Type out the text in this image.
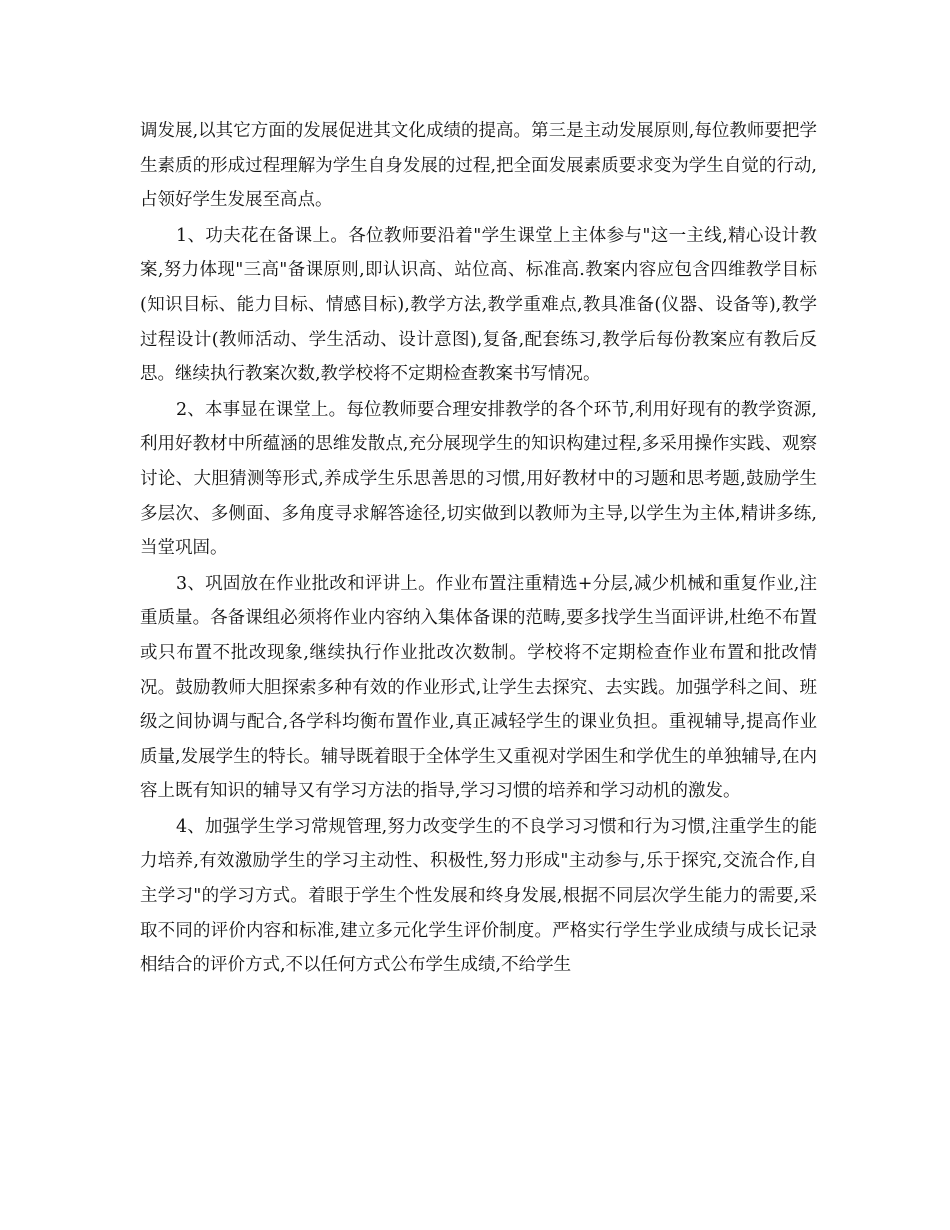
调发展,以其它方面的发展促进其文化成绩的提高。第三是主动发展原则,每位教师要把学生素质的形成过程理解为学生自身发展的过程,把全面发展素质要求变为学生自觉的行动,占领好学生发展至高点。

1、功夫花在备课上。各位教师要沿着"学生课堂上主体参与"这一主线,精心设计教案,努力体现"三高"备课原则,即认识高、站位高、标准高.教案内容应包含四维教学目标(知识目标、能力目标、情感目标),教学方法,教学重难点,教具准备(仪器、设备等),教学过程设计(教师活动、学生活动、设计意图),复备,配套练习,教学后每份教案应有教后反思。继续执行教案次数,教学校将不定期检查教案书写情况。

2、本事显在课堂上。每位教师要合理安排教学的各个环节,利用好现有的教学资源,利用好教材中所蕴涵的思维发散点,充分展现学生的知识构建过程,多采用操作实践、观察讨论、大胆猜测等形式,养成学生乐思善思的习惯,用好教材中的习题和思考题,鼓励学生多层次、多侧面、多角度寻求解答途径,切实做到以教师为主导,以学生为主体,精讲多练,当堂巩固。

3、巩固放在作业批改和评讲上。作业布置注重精选+分层,减少机械和重复作业,注重质量。各备课组必须将作业内容纳入集体备课的范畴,要多找学生当面评讲,杜绝不布置或只布置不批改现象,继续执行作业批改次数制。学校将不定期检查作业布置和批改情况。鼓励教师大胆探索多种有效的作业形式,让学生去探究、去实践。加强学科之间、班级之间协调与配合,各学科均衡布置作业,真正减轻学生的课业负担。重视辅导,提高作业质量,发展学生的特长。辅导既着眼于全体学生又重视对学困生和学优生的单独辅导,在内容上既有知识的辅导又有学习方法的指导,学习习惯的培养和学习动机的激发。

4、加强学生学习常规管理,努力改变学生的不良学习习惯和行为习惯,注重学生的能力培养,有效激励学生的学习主动性、积极性,努力形成"主动参与,乐于探究,交流合作,自主学习"的学习方式。着眼于学生个性发展和终身发展,根据不同层次学生能力的需要,采取不同的评价内容和标准,建立多元化学生评价制度。严格实行学生学业成绩与成长记录相结合的评价方式,不以任何方式公布学生成绩,不给学生
